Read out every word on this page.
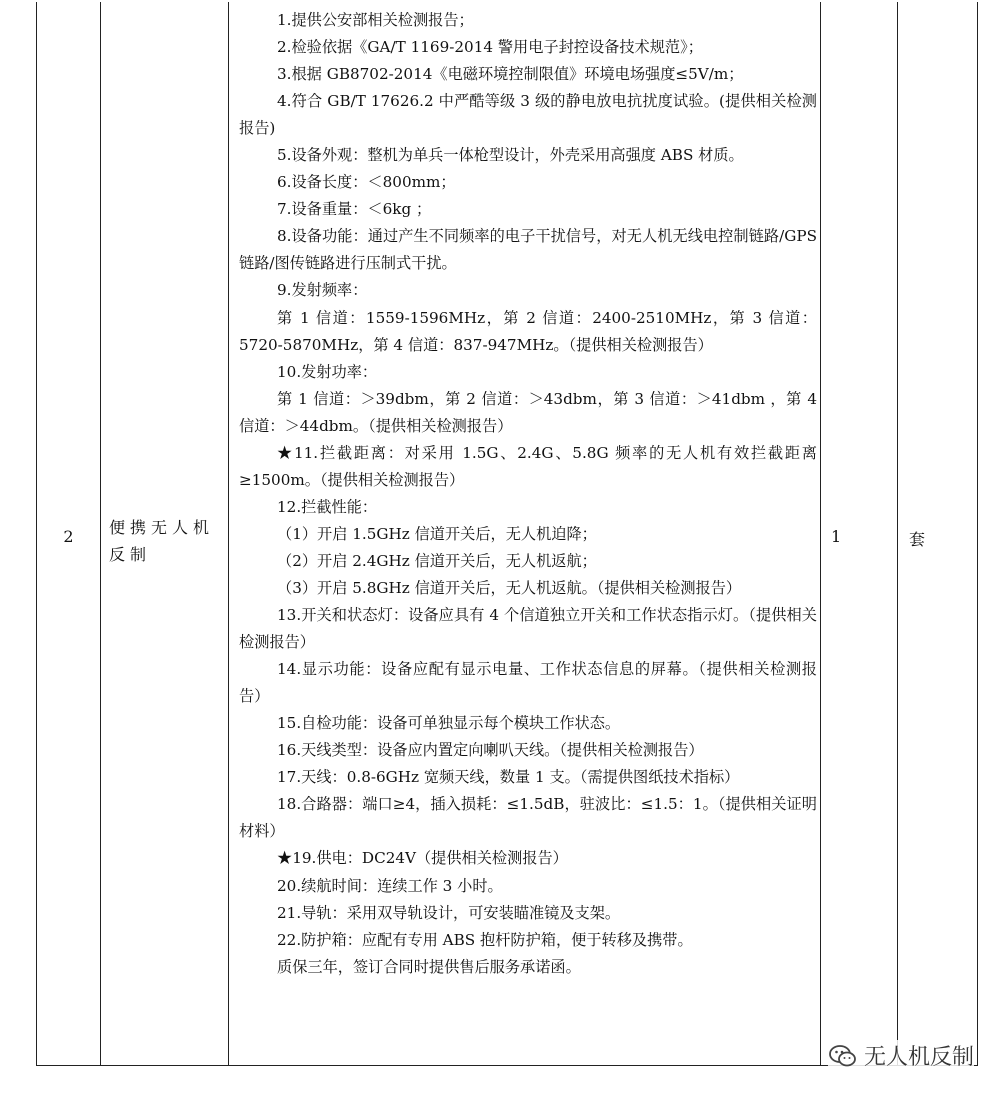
2	便携无人机反制

1.提供公安部相关检测报告；

2.检验依据《GA/T 1169-2014 警用电子封控设备技术规范》；

3.根据 GB8702-2014《电磁环境控制限值》环境电场强度≤5V/m；

4.符合 GB/T 17626.2 中严酷等级 3 级的静电放电抗扰度试验。(提供相关检测报告)

5.设备外观：整机为单兵一体枪型设计，外壳采用高强度 ABS 材质。

6.设备长度：＜800mm；

7.设备重量：＜6kg ；

8.设备功能：通过产生不同频率的电子干扰信号，对无人机无线电控制链路/GPS 链路/图传链路进行压制式干扰。

9.发射频率：

第 1 信道：1559-1596MHz，第 2 信道：2400-2510MHz，第 3 信道：5720-5870MHz，第 4 信道：837-947MHz。（提供相关检测报告）

10.发射功率：

第 1 信道：＞39dbm，第 2 信道：＞43dbm，第 3 信道：＞41dbm ，第 4 信道：＞44dbm。（提供相关检测报告）

★11.拦截距离：对采用 1.5G、2.4G、5.8G 频率的无人机有效拦截距离≥1500m。（提供相关检测报告）

12.拦截性能：

（1）开启 1.5GHz 信道开关后，无人机迫降；

（2）开启 2.4GHz 信道开关后，无人机返航；

（3）开启 5.8GHz 信道开关后，无人机返航。（提供相关检测报告）

13.开关和状态灯：设备应具有 4 个信道独立开关和工作状态指示灯。（提供相关检测报告）

14.显示功能：设备应配有显示电量、工作状态信息的屏幕。（提供相关检测报告）

15.自检功能：设备可单独显示每个模块工作状态。

16.天线类型：设备应内置定向喇叭天线。（提供相关检测报告）

17.天线：0.8-6GHz 宽频天线，数量 1 支。（需提供图纸技术指标）

18.合路器：端口≥4，插入损耗：≤1.5dB，驻波比：≤1.5：1。（提供相关证明材料）

★19.供电：DC24V（提供相关检测报告）

20.续航时间：连续工作 3 小时。

21.导轨：采用双导轨设计，可安装瞄准镜及支架。

22.防护箱：应配有专用 ABS 抱杆防护箱，便于转移及携带。

质保三年，签订合同时提供售后服务承诺函。

1	套
无人机反制
